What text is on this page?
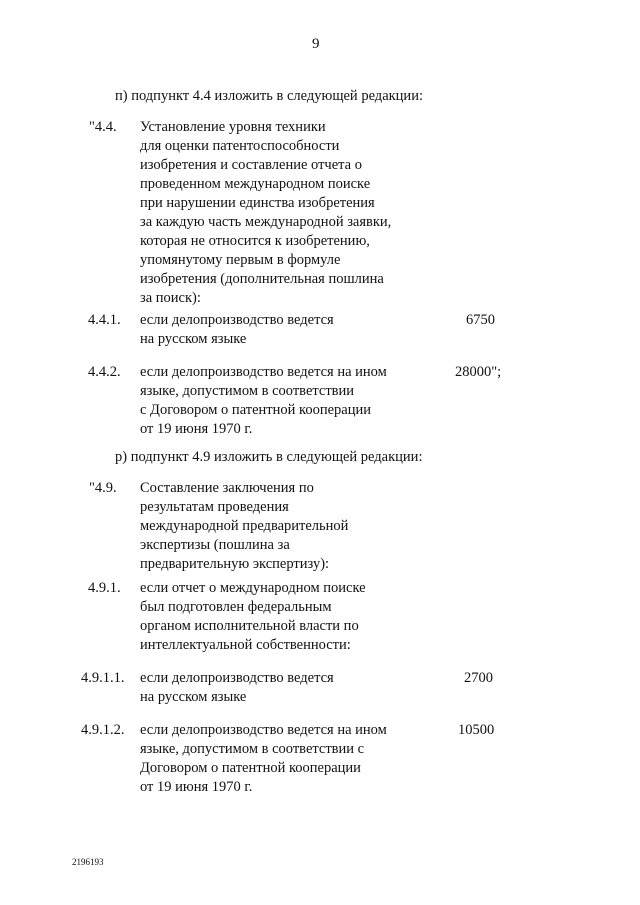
9
п) подпункт 4.4 изложить в следующей редакции:
"4.4. Установление уровня техники
для оценки патентоспособности
изобретения и составление отчета о
проведенном международном поиске
при нарушении единства изобретения
за каждую часть международной заявки,
которая не относится к изобретению,
упомянутому первым в формуле
изобретения (дополнительная пошлина
за поиск):
4.4.1. если делопроизводство ведется
на русском языке
6750
4.4.2. если делопроизводство ведется на ином
языке, допустимом в соответствии
с Договором о патентной кооперации
от 19 июня 1970 г.
28000";
р) подпункт 4.9 изложить в следующей редакции:
"4.9. Составление заключения по
результатам проведения
международной предварительной
экспертизы (пошлина за
предварительную экспертизу):
4.9.1. если отчет о международном поиске
был подготовлен федеральным
органом исполнительной власти по
интеллектуальной собственности:
4.9.1.1. если делопроизводство ведется
на русском языке
2700
4.9.1.2. если делопроизводство ведется на ином
языке, допустимом в соответствии с
Договором о патентной кооперации
от 19 июня 1970 г.
10500
2196193
